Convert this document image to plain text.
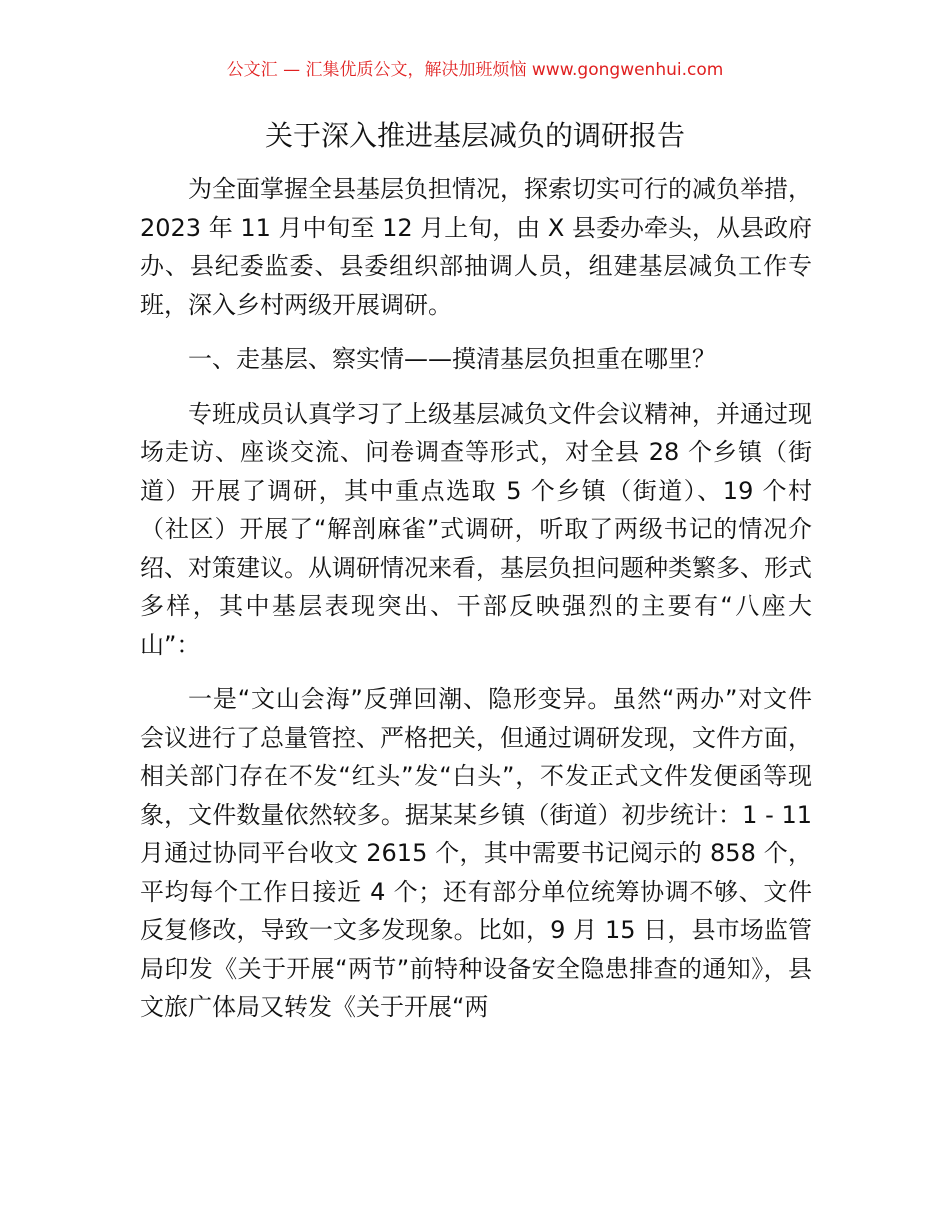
公文汇 — 汇集优质公文，解决加班烦恼 www.gongwenhui.com
关于深入推进基层减负的调研报告

为全面掌握全县基层负担情况，探索切实可行的减负举措，2023 年 11 月中旬至 12 月上旬，由 X 县委办牵头，从县政府办、县纪委监委、县委组织部抽调人员，组建基层减负工作专班，深入乡村两级开展调研。

一、走基层、察实情——摸清基层负担重在哪里？

专班成员认真学习了上级基层减负文件会议精神，并通过现场走访、座谈交流、问卷调查等形式，对全县 28 个乡镇（街道）开展了调研，其中重点选取 5 个乡镇（街道）、19 个村（社区）开展了“解剖麻雀”式调研，听取了两级书记的情况介绍、对策建议。从调研情况来看，基层负担问题种类繁多、形式多样，其中基层表现突出、干部反映强烈的主要有“八座大山”：

一是“文山会海”反弹回潮、隐形变异。虽然“两办”对文件会议进行了总量管控、严格把关，但通过调研发现，文件方面，相关部门存在不发“红头”发“白头”，不发正式文件发便函等现象，文件数量依然较多。据某某乡镇（街道）初步统计：1 - 11 月通过协同平台收文 2615 个，其中需要书记阅示的 858 个，平均每个工作日接近 4 个；还有部分单位统筹协调不够、文件反复修改，导致一文多发现象。比如，9 月 15 日，县市场监管局印发《关于开展“两节”前特种设备安全隐患排查的通知》，县文旅广体局又转发《关于开展“两
